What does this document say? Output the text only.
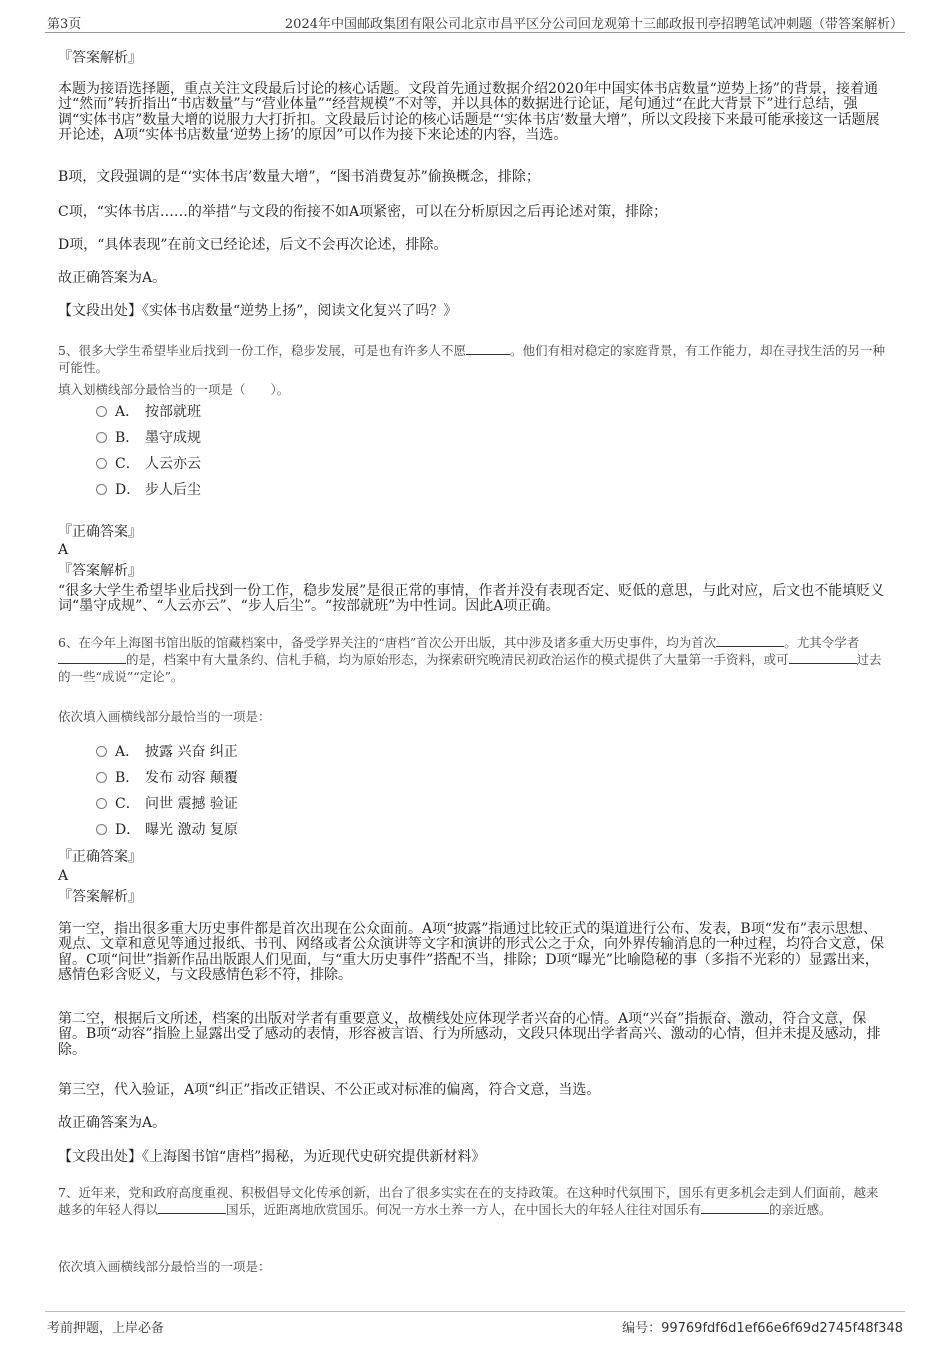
第3页	2024年中国邮政集团有限公司北京市昌平区分公司回龙观第十三邮政报刊亭招聘笔试冲刺题（带答案解析）
『答案解析』
本题为接语选择题，重点关注文段最后讨论的核心话题。文段首先通过数据介绍2020年中国实体书店数量“逆势上扬”的背景，接着通过“然而”转折指出“书店数量”与“营业体量”“经营规模”不对等，并以具体的数据进行论证，尾句通过“在此大背景下”进行总结，强调“实体书店”数量大增的说服力大打折扣。文段最后讨论的核心话题是“‘实体书店’数量大增”，所以文段接下来最可能承接这一话题展开论述，A项“实体书店数量‘逆势上扬’的原因”可以作为接下来论述的内容，当选。
B项，文段强调的是“‘实体书店’数量大增”，“图书消费复苏”偷换概念，排除；
C项，“实体书店……的举措”与文段的衔接不如A项紧密，可以在分析原因之后再论述对策，排除；
D项，“具体表现”在前文已经论述，后文不会再次论述，排除。
故正确答案为A。
【文段出处】《实体书店数量“逆势上扬”，阅读文化复兴了吗？》
5、很多大学生希望毕业后找到一份工作，稳步发展，可是也有许多人不愿	。他们有相对稳定的家庭背景，有工作能力，却在寻找生活的另一种可能性。
填入划横线部分最恰当的一项是（　　）。
A． 按部就班
B． 墨守成规
C． 人云亦云
D． 步人后尘
『正确答案』
A
『答案解析』
“很多大学生希望毕业后找到一份工作，稳步发展”是很正常的事情，作者并没有表现否定、贬低的意思，与此对应，后文也不能填贬义词“墨守成规”、“人云亦云”、“步人后尘”。“按部就班”为中性词。因此A项正确。
6、在今年上海图书馆出版的馆藏档案中，备受学界关注的“唐档”首次公开出版，其中涉及诸多重大历史事件，均为首次	。尤其令学者的是，档案中有大量条约、信札手稿，均为原始形态，为探索研究晚清民初政治运作的模式提供了大量第一手资料，或可	过去的一些“成说”“定论”。
依次填入画横线部分最恰当的一项是：
A． 披露 兴奋 纠正
B． 发布 动容 颠覆
C． 问世 震撼 验证
D． 曝光 激动 复原
『正确答案』
A
『答案解析』
第一空，指出很多重大历史事件都是首次出现在公众面前。A项“披露”指通过比较正式的渠道进行公布、发表，B项“发布”表示思想、观点、文章和意见等通过报纸、书刊、网络或者公众演讲等文字和演讲的形式公之于众，向外界传输消息的一种过程，均符合文意，保留。C项“问世”指新作品出版跟人们见面，与“重大历史事件”搭配不当，排除；D项“曝光”比喻隐秘的事（多指不光彩的）显露出来，感情色彩含贬义，与文段感情色彩不符，排除。
第二空，根据后文所述，档案的出版对学者有重要意义，故横线处应体现学者兴奋的心情。A项“兴奋”指振奋、激动，符合文意，保留。B项“动容”指脸上显露出受了感动的表情，形容被言语、行为所感动，文段只体现出学者高兴、激动的心情，但并未提及感动，排除。
第三空，代入验证，A项“纠正”指改正错误、不公正或对标准的偏离，符合文意，当选。
故正确答案为A。
【文段出处】《上海图书馆“唐档”揭秘，为近现代史研究提供新材料》
7、近年来，党和政府高度重视、积极倡导文化传承创新，出台了很多实实在在的支持政策。在这种时代氛围下，国乐有更多机会走到人们面前，越来越多的年轻人得以	国乐，近距离地欣赏国乐。何况一方水土养一方人，在中国长大的年轻人往往对国乐有	的亲近感。
依次填入画横线部分最恰当的一项是：
考前押题，上岸必备	编号：99769fdf6d1ef66e6f69d2745f48f348
